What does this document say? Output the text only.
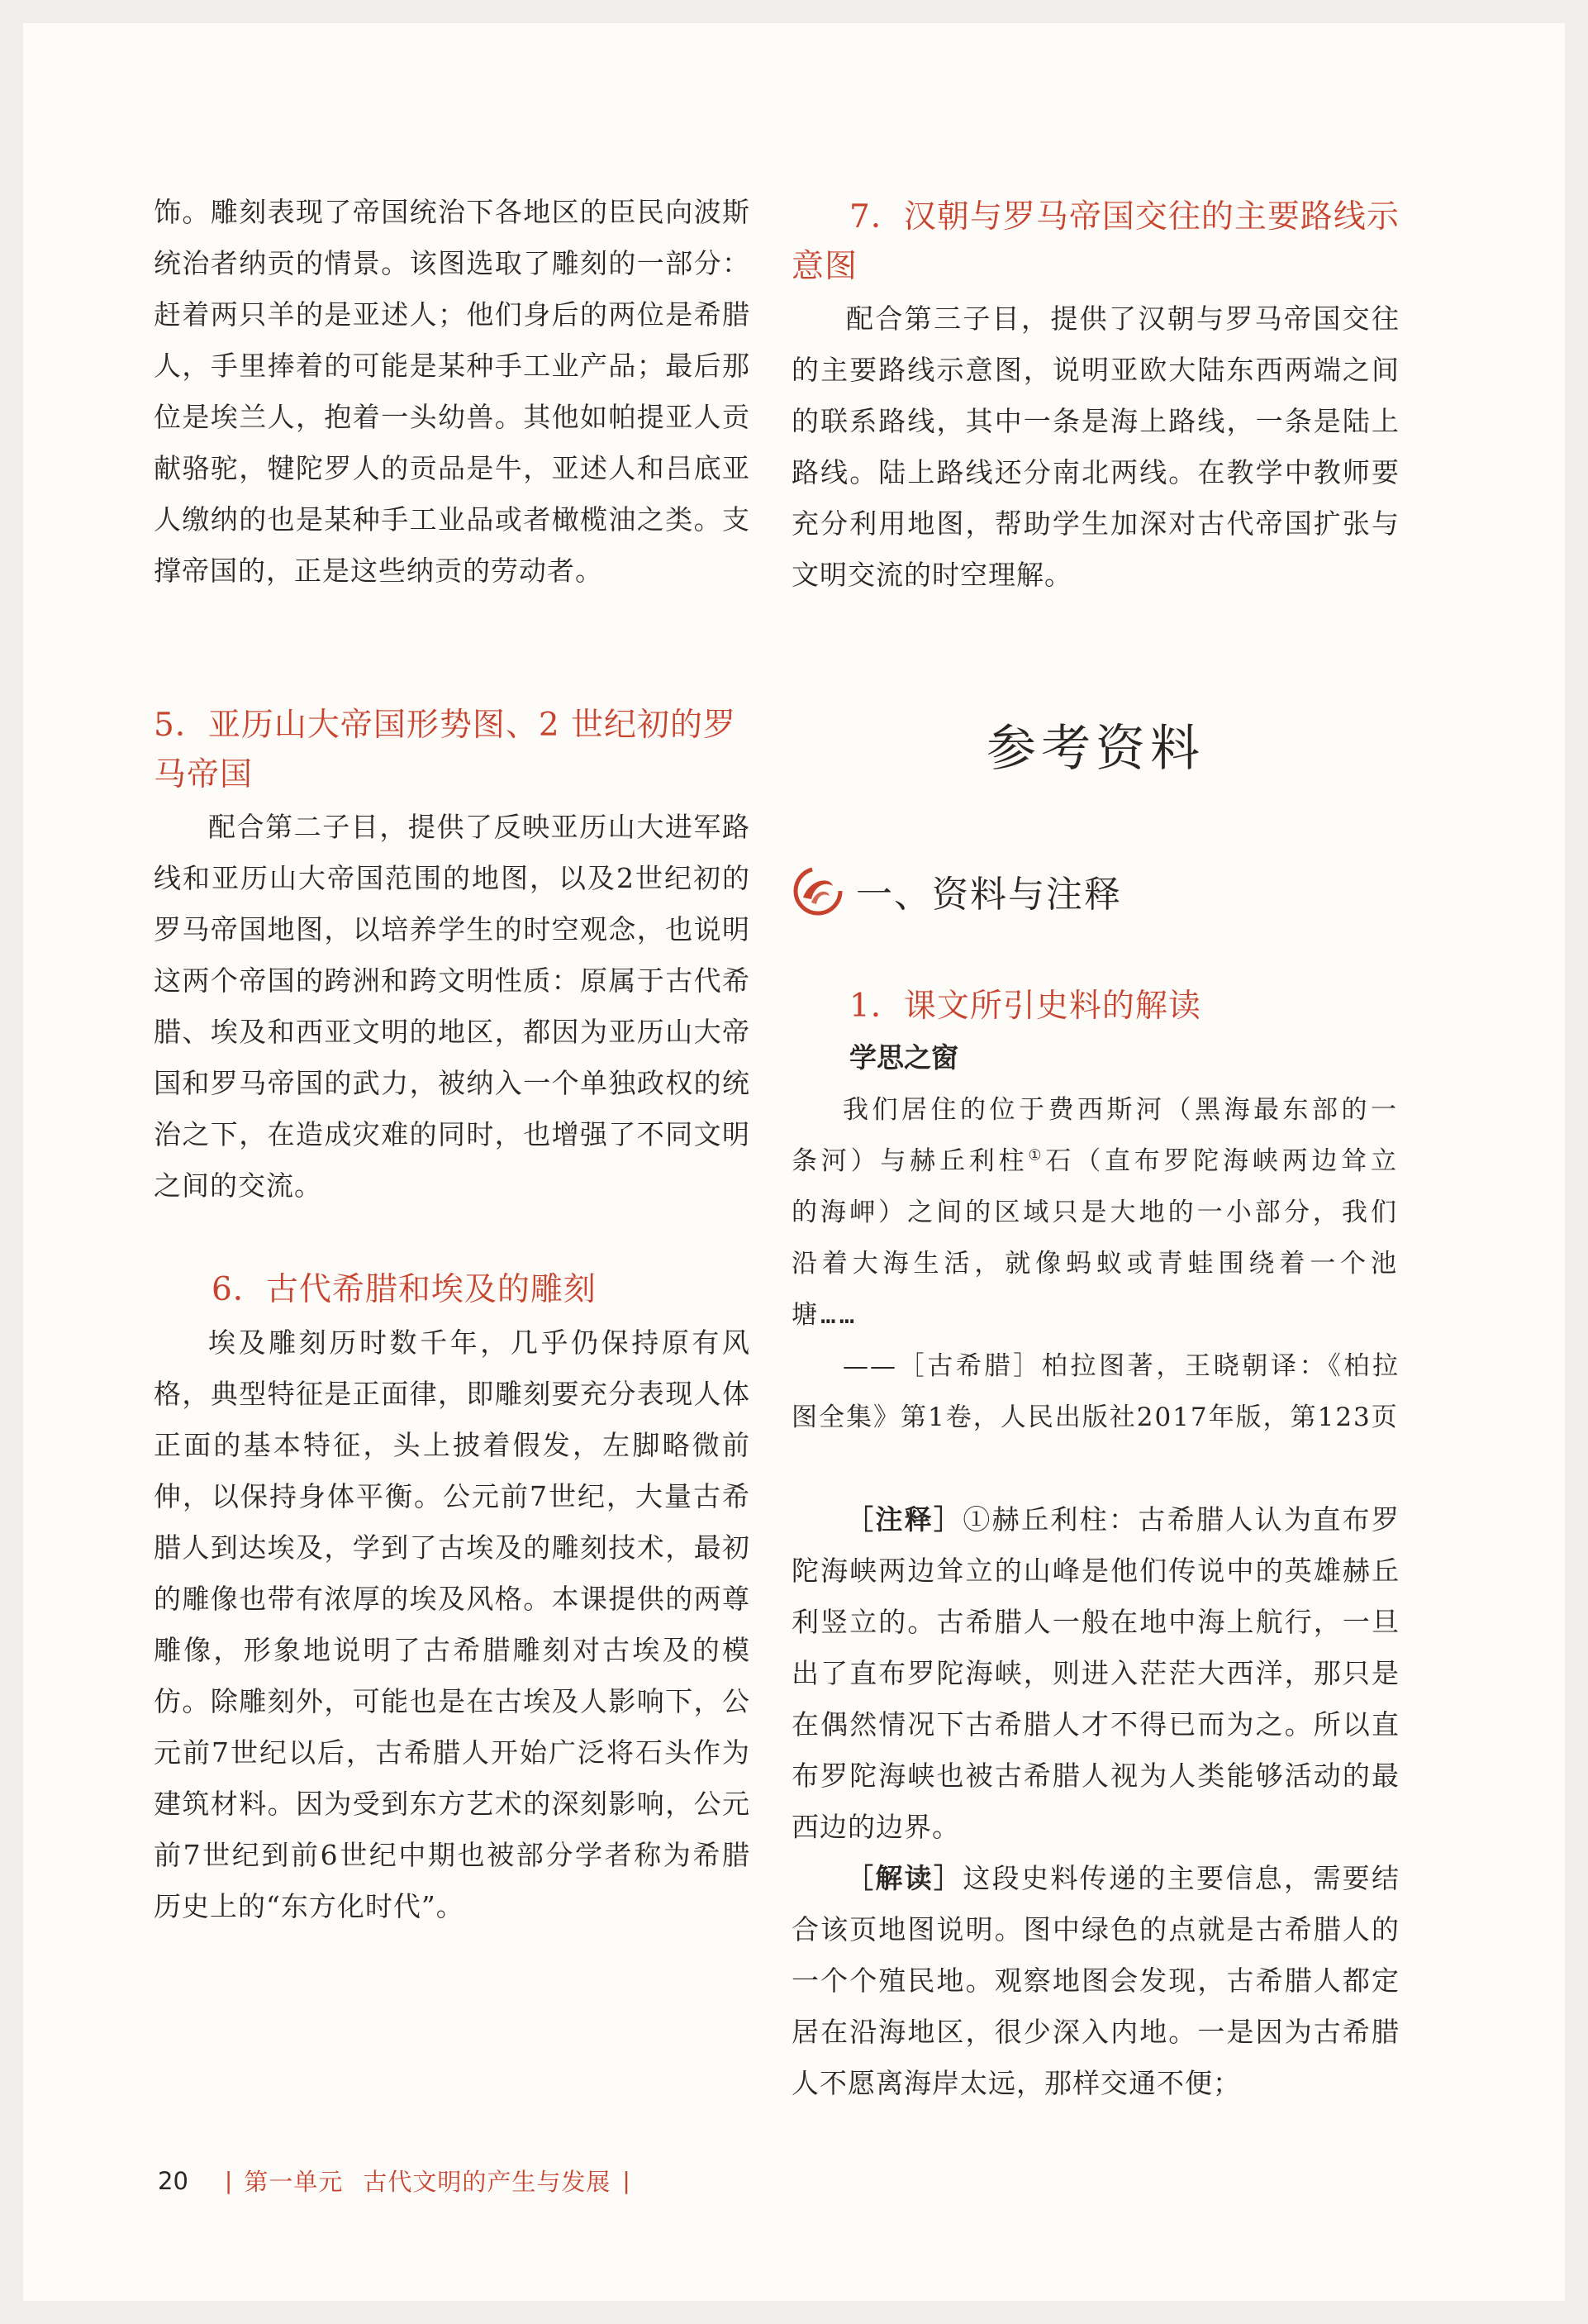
饰。雕刻表现了帝国统治下各地区的臣民向波斯统治者纳贡的情景。该图选取了雕刻的一部分：赶着两只羊的是亚述人；他们身后的两位是希腊人，手里捧着的可能是某种手工业产品；最后那位是埃兰人，抱着一头幼兽。其他如帕提亚人贡献骆驼，犍陀罗人的贡品是牛，亚述人和吕底亚人缴纳的也是某种手工业品或者橄榄油之类。支撑帝国的，正是这些纳贡的劳动者。

5．亚历山大帝国形势图、2 世纪初的罗马帝国

配合第二子目，提供了反映亚历山大进军路线和亚历山大帝国范围的地图，以及2世纪初的罗马帝国地图，以培养学生的时空观念，也说明这两个帝国的跨洲和跨文明性质：原属于古代希腊、埃及和西亚文明的地区，都因为亚历山大帝国和罗马帝国的武力，被纳入一个单独政权的统治之下，在造成灾难的同时，也增强了不同文明之间的交流。

6．古代希腊和埃及的雕刻

埃及雕刻历时数千年，几乎仍保持原有风格，典型特征是正面律，即雕刻要充分表现人体正面的基本特征，头上披着假发，左脚略微前伸，以保持身体平衡。公元前7世纪，大量古希腊人到达埃及，学到了古埃及的雕刻技术，最初的雕像也带有浓厚的埃及风格。本课提供的两尊雕像，形象地说明了古希腊雕刻对古埃及的模仿。除雕刻外，可能也是在古埃及人影响下，公元前7世纪以后，古希腊人开始广泛将石头作为建筑材料。因为受到东方艺术的深刻影响，公元前7世纪到前6世纪中期也被部分学者称为希腊历史上的“东方化时代”。

7．汉朝与罗马帝国交往的主要路线示意图

配合第三子目，提供了汉朝与罗马帝国交往的主要路线示意图，说明亚欧大陆东西两端之间的联系路线，其中一条是海上路线，一条是陆上路线。陆上路线还分南北两线。在教学中教师要充分利用地图，帮助学生加深对古代帝国扩张与文明交流的时空理解。

参考资料
一、资料与注释
1．课文所引史料的解读
学思之窗

我们居住的位于费西斯河（黑海最东部的一条河）与赫丘利柱①石（直布罗陀海峡两边耸立的海岬）之间的区域只是大地的一小部分，我们沿着大海生活，就像蚂蚁或青蛙围绕着一个池塘……

——［古希腊］柏拉图著，王晓朝译：《柏拉图全集》第1卷，人民出版社2017年版，第123页

［注释］①赫丘利柱：古希腊人认为直布罗陀海峡两边耸立的山峰是他们传说中的英雄赫丘利竖立的。古希腊人一般在地中海上航行，一旦出了直布罗陀海峡，则进入茫茫大西洋，那只是在偶然情况下古希腊人才不得已而为之。所以直布罗陀海峡也被古希腊人视为人类能够活动的最西边的边界。

［解读］这段史料传递的主要信息，需要结合该页地图说明。图中绿色的点就是古希腊人的一个个殖民地。观察地图会发现，古希腊人都定居在沿海地区，很少深入内地。一是因为古希腊人不愿离海岸太远，那样交通不便；

20 | 第一单元 古代文明的产生与发展 |
